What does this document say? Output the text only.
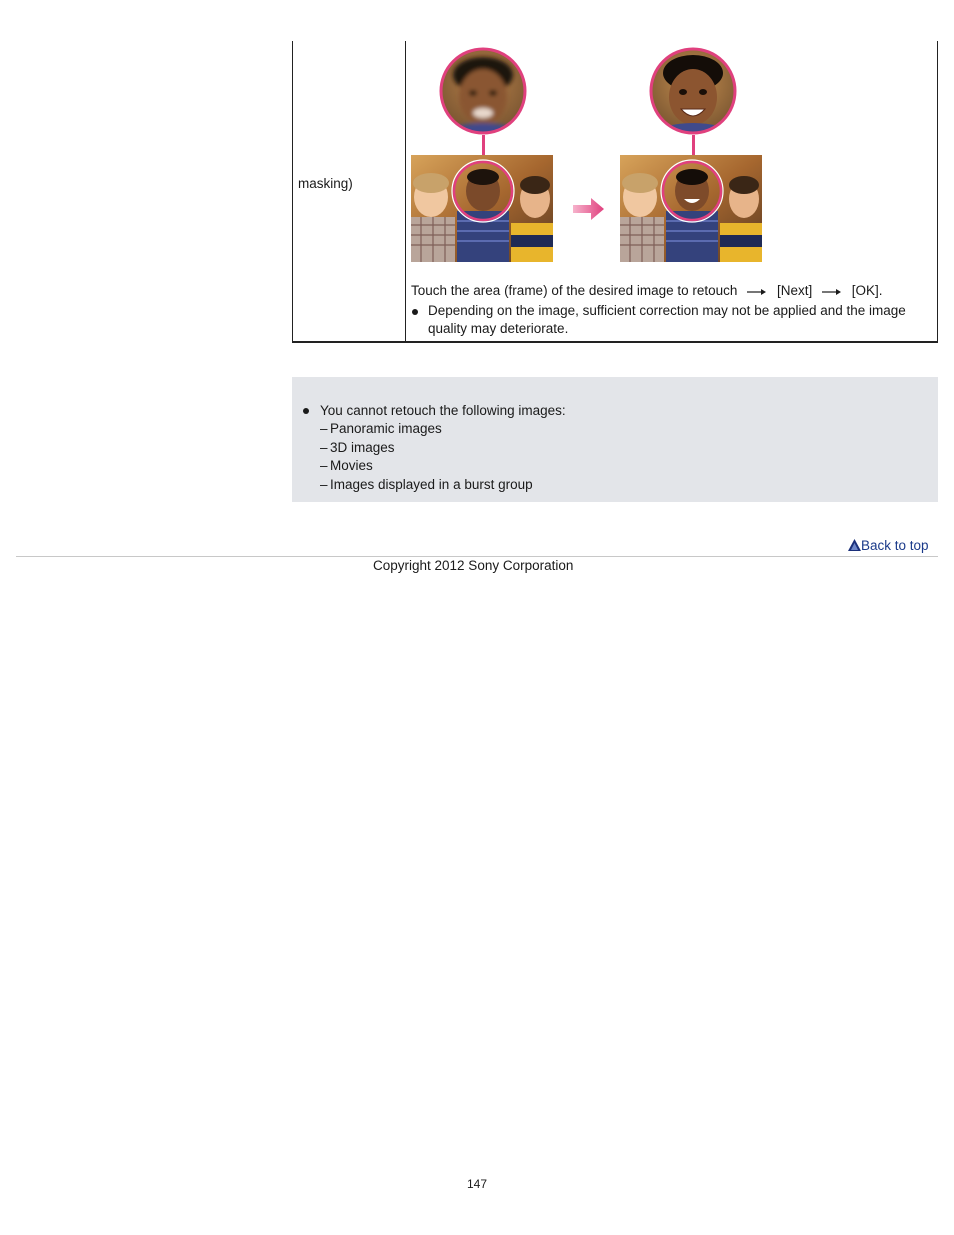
masking)
Touch the area (frame) of the desired image to retouch	[Next]	[OK].
Depending on the image, sufficient correction may not be applied and the image
quality may deteriorate.
You cannot retouch the following images:
– Panoramic images
– 3D images
– Movies
– Images displayed in a burst group
Back to top
Copyright 2012 Sony Corporation
147
